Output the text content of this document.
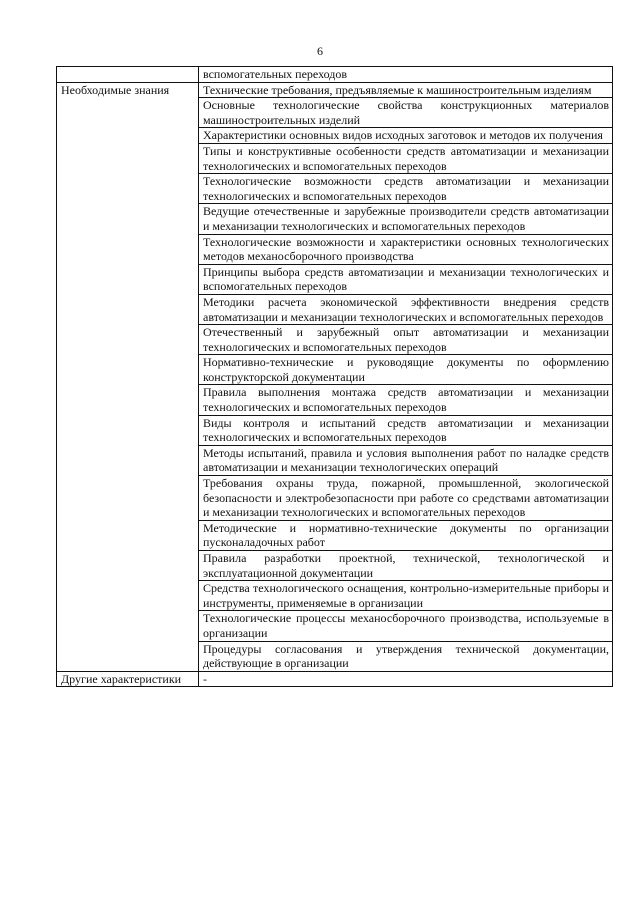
6
	вспомогательных переходов
Необходимые знания	Технические требования, предъявляемые к машиностроительным изделиям
	Основные технологические свойства конструкционных материалов машиностроительных изделий
	Характеристики основных видов исходных заготовок и методов их получения
	Типы и конструктивные особенности средств автоматизации и механизации технологических и вспомогательных переходов
	Технологические возможности средств автоматизации и механизации технологических и вспомогательных переходов
	Ведущие отечественные и зарубежные производители средств автоматизации и механизации технологических и вспомогательных переходов
	Технологические возможности и характеристики основных технологических методов механосборочного производства
	Принципы выбора средств автоматизации и механизации технологических и вспомогательных переходов
	Методики расчета экономической эффективности внедрения средств автоматизации и механизации технологических и вспомогательных переходов
	Отечественный и зарубежный опыт автоматизации и механизации технологических и вспомогательных переходов
	Нормативно-технические и руководящие документы по оформлению конструкторской документации
	Правила выполнения монтажа средств автоматизации и механизации технологических и вспомогательных переходов
	Виды контроля и испытаний средств автоматизации и механизации технологических и вспомогательных переходов
	Методы испытаний, правила и условия выполнения работ по наладке средств автоматизации и механизации технологических операций
	Требования охраны труда, пожарной, промышленной, экологической безопасности и электробезопасности при работе со средствами автоматизации и механизации технологических и вспомогательных переходов
	Методические и нормативно-технические документы по организации пусконаладочных работ
	Правила разработки проектной, технической, технологической и эксплуатационной документации
	Средства технологического оснащения, контрольно-измерительные приборы и инструменты, применяемые в организации
	Технологические процессы механосборочного производства, используемые в организации
	Процедуры согласования и утверждения технической документации, действующие в организации
Другие характеристики	-
